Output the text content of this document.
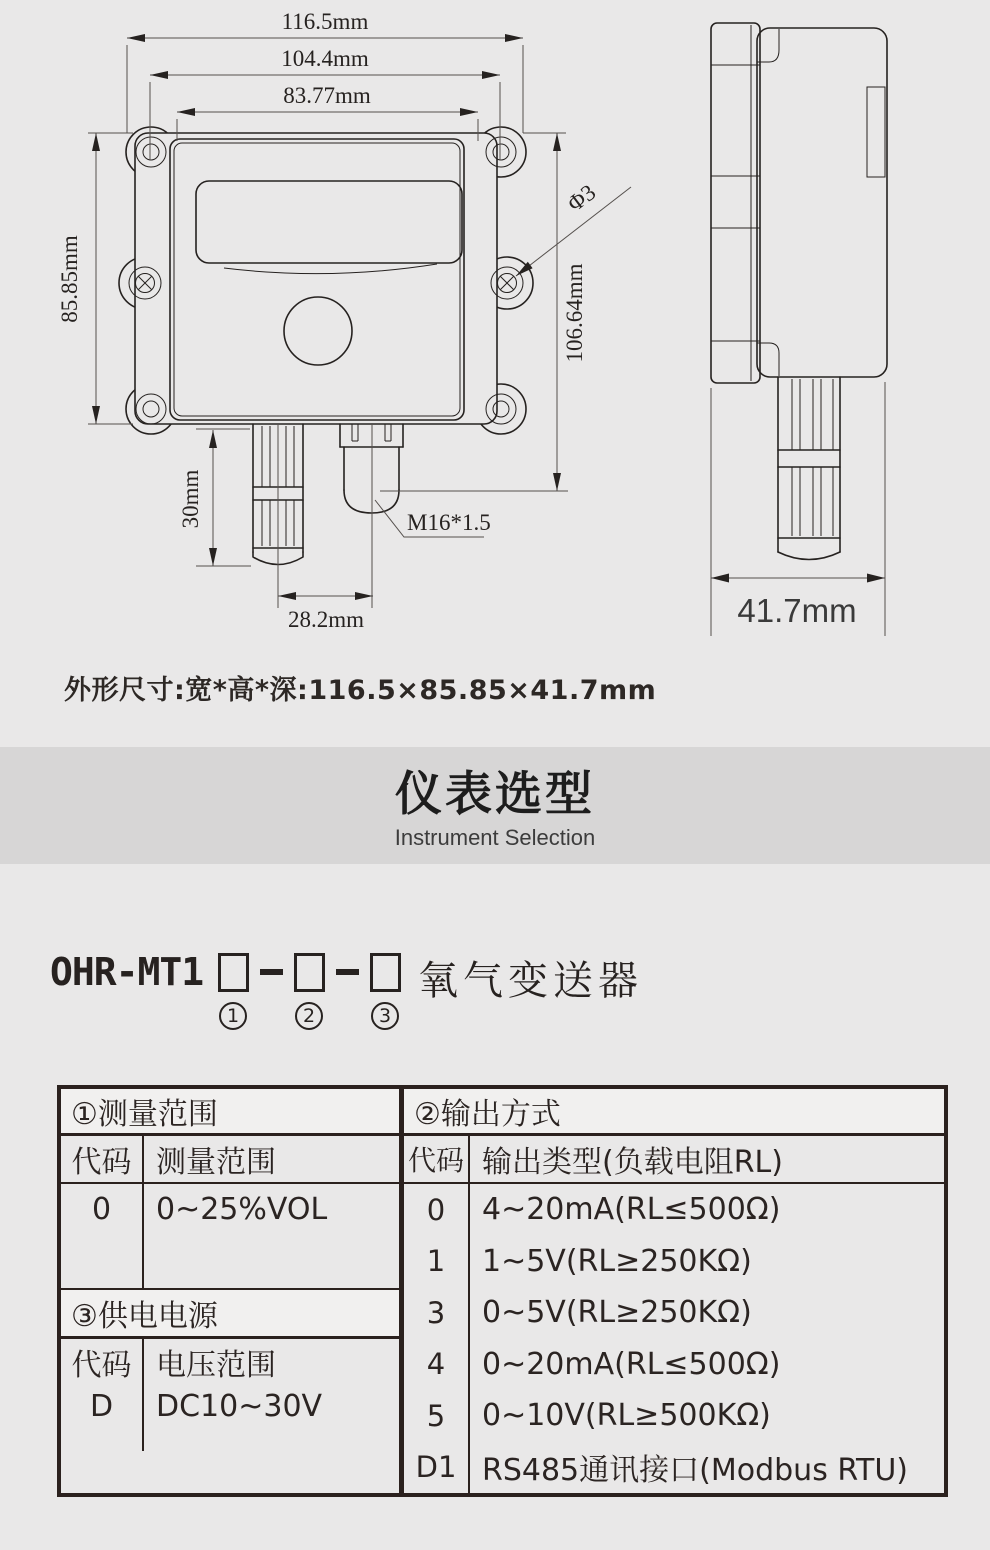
116.5mm
104.4mm
83.77mm
85.85mm	106.64mm
30mm
28.2mm
M16*1.5
Φ3
41.7mm
外形尺寸:宽*高*深:116.5×85.85×41.7mm
仪表选型
Instrument Selection
OHR-MT1	氧气变送器
1	2	3
①测量范围
代码 测量范围
0	0~25%VOL
③供电电源
代码 电压范围
D	DC10~30V
②输出方式
代码 输出类型(负载电阻RL)
0	4~20mA(RL≤500Ω)
1	1~5V(RL≥250KΩ)
3	0~5V(RL≥250KΩ)
4	0~20mA(RL≤500Ω)
5	0~10V(RL≥500KΩ)
D1 RS485通讯接口(Modbus RTU)
